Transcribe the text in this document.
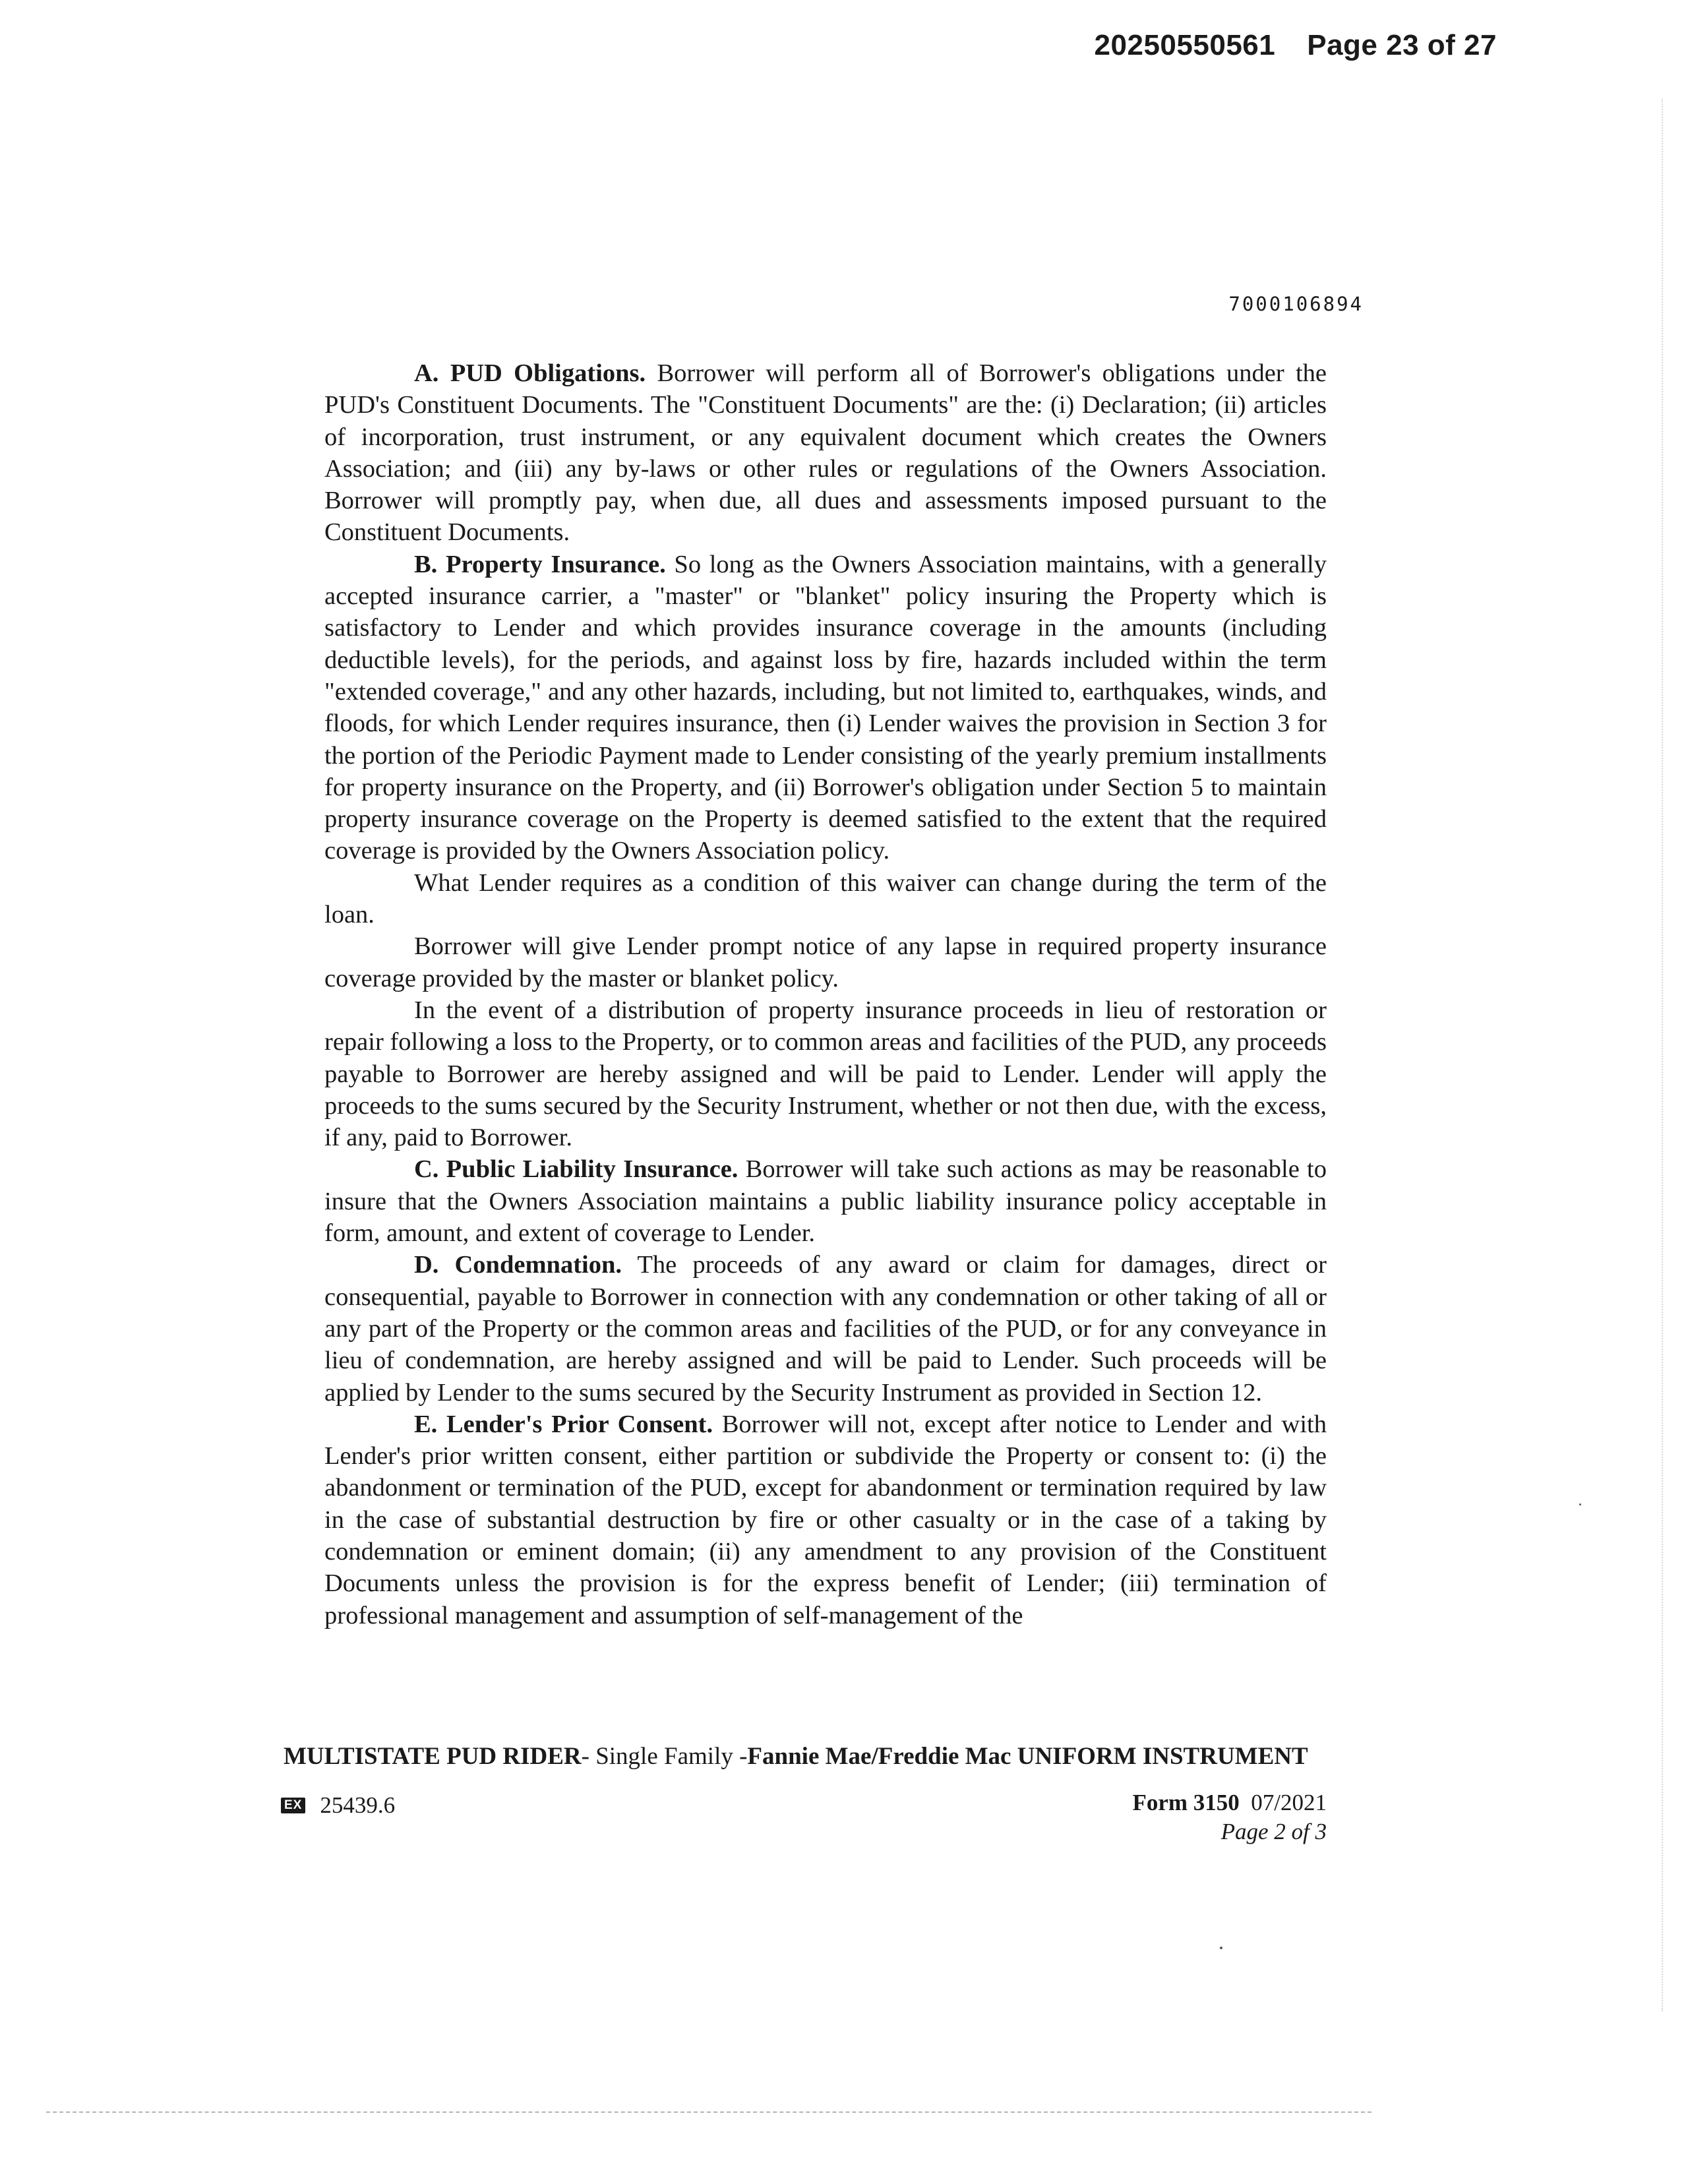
20250550561 Page 23 of 27
7000106894

A. PUD Obligations. Borrower will perform all of Borrower's obligations under the PUD's Constituent Documents. The "Constituent Documents" are the: (i) Declaration; (ii) articles of incorporation, trust instrument, or any equivalent document which creates the Owners Association; and (iii) any by-laws or other rules or regulations of the Owners Association. Borrower will promptly pay, when due, all dues and assessments imposed pursuant to the Constituent Documents.

B. Property Insurance. So long as the Owners Association maintains, with a generally accepted insurance carrier, a "master" or "blanket" policy insuring the Property which is satisfactory to Lender and which provides insurance coverage in the amounts (including deductible levels), for the periods, and against loss by fire, hazards included within the term "extended coverage," and any other hazards, including, but not limited to, earthquakes, winds, and floods, for which Lender requires insurance, then (i) Lender waives the provision in Section 3 for the portion of the Periodic Payment made to Lender consisting of the yearly premium installments for property insurance on the Property, and (ii) Borrower's obligation under Section 5 to maintain property insurance coverage on the Property is deemed satisfied to the extent that the required coverage is provided by the Owners Association policy.

What Lender requires as a condition of this waiver can change during the term of the loan.

Borrower will give Lender prompt notice of any lapse in required property insurance coverage provided by the master or blanket policy.

In the event of a distribution of property insurance proceeds in lieu of restoration or repair following a loss to the Property, or to common areas and facilities of the PUD, any proceeds payable to Borrower are hereby assigned and will be paid to Lender. Lender will apply the proceeds to the sums secured by the Security Instrument, whether or not then due, with the excess, if any, paid to Borrower.

C. Public Liability Insurance. Borrower will take such actions as may be reasonable to insure that the Owners Association maintains a public liability insurance policy acceptable in form, amount, and extent of coverage to Lender.

D. Condemnation. The proceeds of any award or claim for damages, direct or consequential, payable to Borrower in connection with any condemnation or other taking of all or any part of the Property or the common areas and facilities of the PUD, or for any conveyance in lieu of condemnation, are hereby assigned and will be paid to Lender. Such proceeds will be applied by Lender to the sums secured by the Security Instrument as provided in Section 12.

E. Lender's Prior Consent. Borrower will not, except after notice to Lender and with Lender's prior written consent, either partition or subdivide the Property or consent to: (i) the abandonment or termination of the PUD, except for abandonment or termination required by law in the case of substantial destruction by fire or other casualty or in the case of a taking by condemnation or eminent domain; (ii) any amendment to any provision of the Constituent Documents unless the provision is for the express benefit of Lender; (iii) termination of professional management and assumption of self-management of the

MULTISTATE PUD RIDER- Single Family -Fannie Mae/Freddie Mac UNIFORM INSTRUMENT
EX 25439.6	Form 3150 07/2021
Page 2 of 3
